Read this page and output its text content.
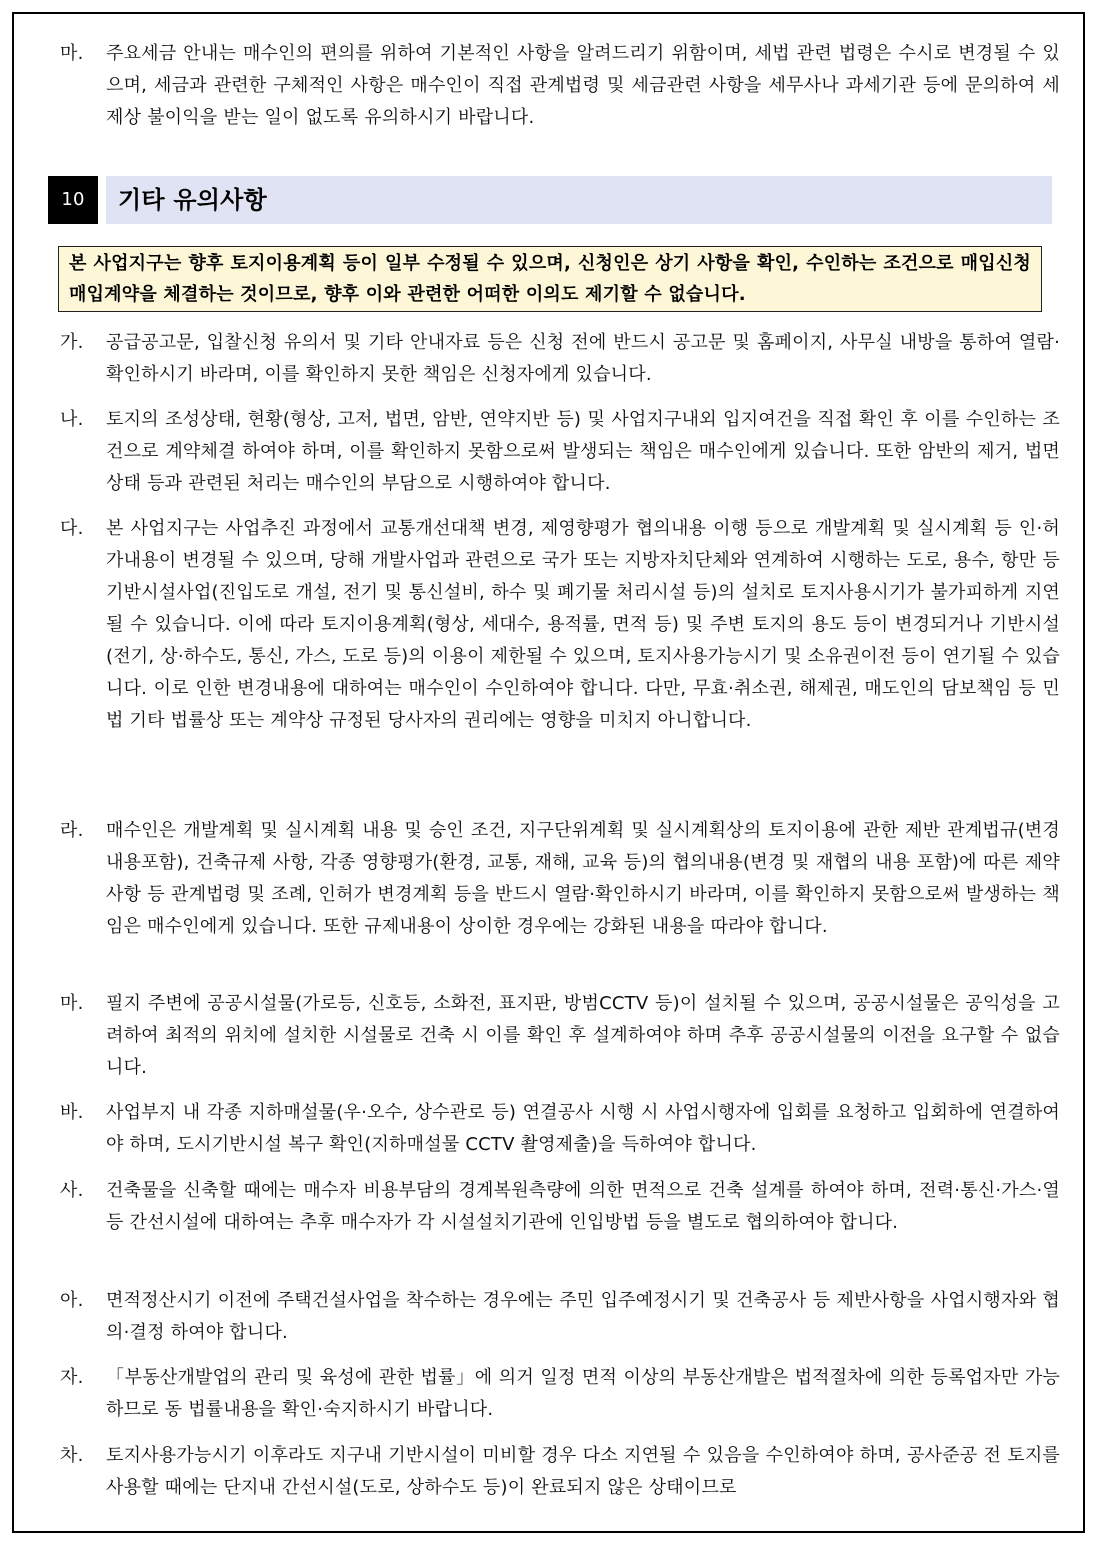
마. 주요세금 안내는 매수인의 편의를 위하여 기본적인 사항을 알려드리기 위함이며, 세법 관련 법령은 수시로 변경될 수 있으며, 세금과 관련한 구체적인 사항은 매수인이 직접 관계법령 및 세금관련 사항을 세무사나 과세기관 등에 문의하여 세제상 불이익을 받는 일이 없도록 유의하시기 바랍니다.
10	기타 유의사항
본 사업지구는 향후 토지이용계획 등이 일부 수정될 수 있으며, 신청인은 상기 사항을 확인, 수인하는 조건으로 매입신청 매입계약을 체결하는 것이므로, 향후 이와 관련한 어떠한 이의도 제기할 수 없습니다.
가. 공급공고문, 입찰신청 유의서 및 기타 안내자료 등은 신청 전에 반드시 공고문 및 홈페이지, 사무실 내방을 통하여 열람·확인하시기 바라며, 이를 확인하지 못한 책임은 신청자에게 있습니다.
나. 토지의 조성상태, 현황(형상, 고저, 법면, 암반, 연약지반 등) 및 사업지구내외 입지여건을 직접 확인 후 이를 수인하는 조건으로 계약체결 하여야 하며, 이를 확인하지 못함으로써 발생되는 책임은 매수인에게 있습니다. 또한 암반의 제거, 법면상태 등과 관련된 처리는 매수인의 부담으로 시행하여야 합니다.
다. 본 사업지구는 사업추진 과정에서 교통개선대책 변경, 제영향평가 협의내용 이행 등으로 개발계획 및 실시계획 등 인·허가내용이 변경될 수 있으며, 당해 개발사업과 관련으로 국가 또는 지방자치단체와 연계하여 시행하는 도로, 용수, 항만 등 기반시설사업(진입도로 개설, 전기 및 통신설비, 하수 및 폐기물 처리시설 등)의 설치로 토지사용시기가 불가피하게 지연될 수 있습니다. 이에 따라 토지이용계획(형상, 세대수, 용적률, 면적 등) 및 주변 토지의 용도 등이 변경되거나 기반시설(전기, 상·하수도, 통신, 가스, 도로 등)의 이용이 제한될 수 있으며, 토지사용가능시기 및 소유권이전 등이 연기될 수 있습니다. 이로 인한 변경내용에 대하여는 매수인이 수인하여야 합니다. 다만, 무효·취소권, 해제권, 매도인의 담보책임 등 민법 기타 법률상 또는 계약상 규정된 당사자의 권리에는 영향을 미치지 아니합니다.
라. 매수인은 개발계획 및 실시계획 내용 및 승인 조건, 지구단위계획 및 실시계획상의 토지이용에 관한 제반 관계법규(변경내용포함), 건축규제 사항, 각종 영향평가(환경, 교통, 재해, 교육 등)의 협의내용(변경 및 재협의 내용 포함)에 따른 제약사항 등 관계법령 및 조례, 인허가 변경계획 등을 반드시 열람·확인하시기 바라며, 이를 확인하지 못함으로써 발생하는 책임은 매수인에게 있습니다. 또한 규제내용이 상이한 경우에는 강화된 내용을 따라야 합니다.
마. 필지 주변에 공공시설물(가로등, 신호등, 소화전, 표지판, 방범CCTV 등)이 설치될 수 있으며, 공공시설물은 공익성을 고려하여 최적의 위치에 설치한 시설물로 건축 시 이를 확인 후 설계하여야 하며 추후 공공시설물의 이전을 요구할 수 없습니다.
바. 사업부지 내 각종 지하매설물(우·오수, 상수관로 등) 연결공사 시행 시 사업시행자에 입회를 요청하고 입회하에 연결하여야 하며, 도시기반시설 복구 확인(지하매설물 CCTV 촬영제출)을 득하여야 합니다.
사. 건축물을 신축할 때에는 매수자 비용부담의 경계복원측량에 의한 면적으로 건축 설계를 하여야 하며, 전력·통신·가스·열 등 간선시설에 대하여는 추후 매수자가 각 시설설치기관에 인입방법 등을 별도로 협의하여야 합니다.
아. 면적정산시기 이전에 주택건설사업을 착수하는 경우에는 주민 입주예정시기 및 건축공사 등 제반사항을 사업시행자와 협의·결정 하여야 합니다.
자. 「부동산개발업의 관리 및 육성에 관한 법률」에 의거 일정 면적 이상의 부동산개발은 법적절차에 의한 등록업자만 가능하므로 동 법률내용을 확인·숙지하시기 바랍니다.
차. 토지사용가능시기 이후라도 지구내 기반시설이 미비할 경우 다소 지연될 수 있음을 수인하여야 하며, 공사준공 전 토지를 사용할 때에는 단지내 간선시설(도로, 상하수도 등)이 완료되지 않은 상태이므로
